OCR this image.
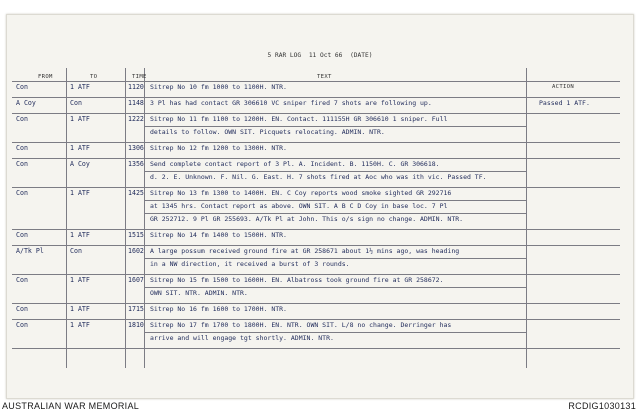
5 RAR LOG 11 Oct 66 (DATE)
FROM	TO	TIME	TEXT
ACTION
Con	1 ATF	1120 Sitrep No 10 fm 1000 to 1100H. NTR.
A Coy	Con	1148 3 Pl has had contact GR 306610 VC sniper fired 7 shots are following up.	Passed 1 ATF.
Con	1 ATF	1222 Sitrep No 11 fm 1100 to 1200H. EN. Contact. 111155H GR 306610 1 sniper. Full
details to follow. OWN SIT. Picquets relocating. ADMIN. NTR.
Con	1 ATF	1306 Sitrep No 12 fm 1200 to 1300H. NTR.
Con	A Coy	1356 Send complete contact report of 3 Pl. A. Incident. B. 1150H. C. GR 306618.
d. 2. E. Unknown. F. Nil. G. East. H. 7 shots fired at Aoc who was ith vic. Passed TF.
Con	1 ATF	1425 Sitrep No 13 fm 1300 to 1400H. EN. C Coy reports wood smoke sighted GR 292716
at 1345 hrs. Contact report as above. OWN SIT. A B C D Coy in base loc. 7 Pl
GR 252712. 9 Pl GR 255693. A/Tk Pl at John. This o/s sign no change. ADMIN. NTR.
Con	1 ATF	1515 Sitrep No 14 fm 1400 to 1500H. NTR.
A/Tk Pl	Con	1602 A large possum received ground fire at GR 258671 about 1½ mins ago, was heading
in a NW direction, it received a burst of 3 rounds.
Con	1 ATF	1607 Sitrep No 15 fm 1500 to 1600H. EN. Albatross took ground fire at GR 258672.
OWN SIT. NTR. ADMIN. NTR.
Con	1 ATF	1715 Sitrep No 16 fm 1600 to 1700H. NTR.
Con	1 ATF	1810 Sitrep No 17 fm 1700 to 1800H. EN. NTR. OWN SIT. L/8 no change. Derringer has
arrive and will engage tgt shortly. ADMIN. NTR.
AUSTRALIAN WAR MEMORIAL	RCDIG1030131
